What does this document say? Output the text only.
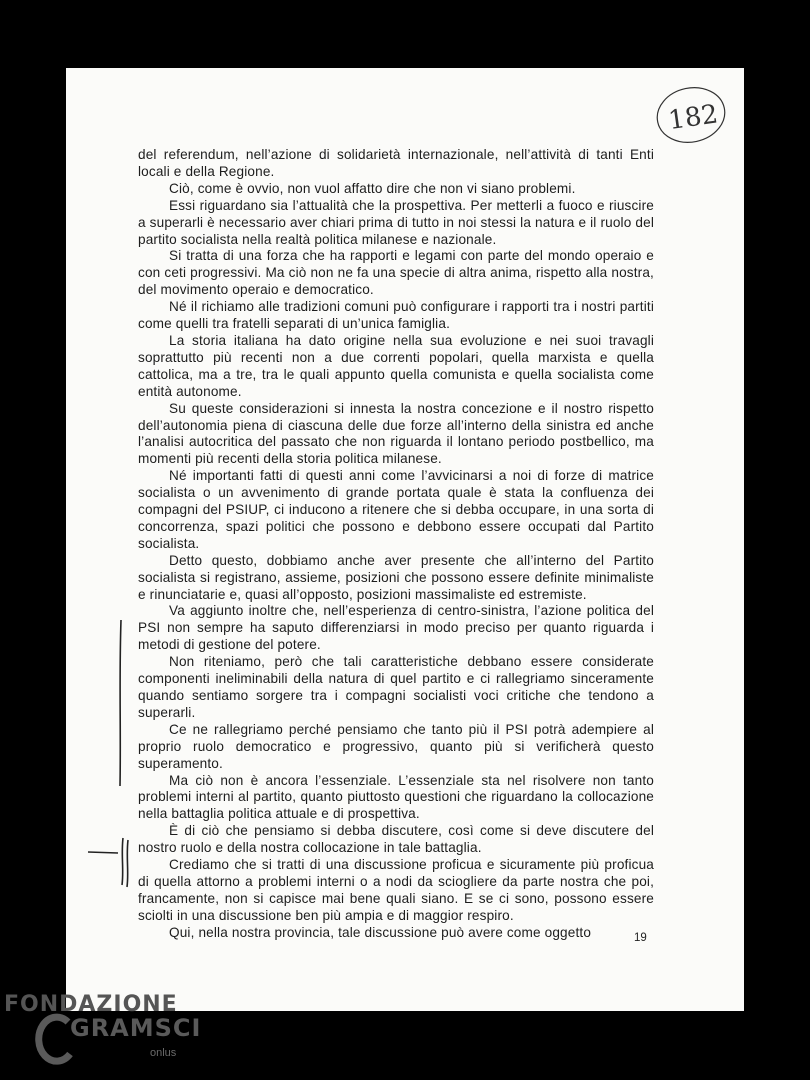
182

del referendum, nell’azione di solidarietà internazionale, nell’attività di tanti Enti locali e della Regione.

Ciò, come è ovvio, non vuol affatto dire che non vi siano problemi.

Essi riguardano sia l’attualità che la prospettiva. Per metterli a fuoco e riuscire a superarli è necessario aver chiari prima di tutto in noi stessi la natura e il ruolo del partito socialista nella realtà politica milanese e nazionale.

Si tratta di una forza che ha rapporti e legami con parte del mondo operaio e con ceti progressivi. Ma ciò non ne fa una specie di altra anima, rispetto alla nostra, del movimento operaio e democratico.

Né il richiamo alle tradizioni comuni può configurare i rapporti tra i nostri partiti come quelli tra fratelli separati di un’unica famiglia.

La storia italiana ha dato origine nella sua evoluzione e nei suoi travagli soprattutto più recenti non a due correnti popolari, quella marxista e quella cattolica, ma a tre, tra le quali appunto quella comunista e quella socialista come entità autonome.

Su queste considerazioni si innesta la nostra concezione e il nostro rispetto dell’autonomia piena di ciascuna delle due forze all’interno della sinistra ed anche l’analisi autocritica del passato che non riguarda il lontano periodo postbellico, ma momenti più recenti della storia politica milanese.

Né importanti fatti di questi anni come l’avvicinarsi a noi di forze di matrice socialista o un avvenimento di grande portata quale è stata la confluenza dei compagni del PSIUP, ci inducono a ritenere che si debba occupare, in una sorta di concorrenza, spazi politici che possono e debbono essere occupati dal Partito socialista.

Detto questo, dobbiamo anche aver presente che all’interno del Partito socialista si registrano, assieme, posizioni che possono essere definite minimaliste e rinunciatarie e, quasi all’opposto, posizioni massimaliste ed estremiste.

Va aggiunto inoltre che, nell’esperienza di centro-sinistra, l’azione politica del PSI non sempre ha saputo differenziarsi in modo preciso per quanto riguarda i metodi di gestione del potere.

Non riteniamo, però che tali caratteristiche debbano essere considerate componenti ineliminabili della natura di quel partito e ci rallegriamo sinceramente quando sentiamo sorgere tra i compagni socialisti voci critiche che tendono a superarli.

Ce ne rallegriamo perché pensiamo che tanto più il PSI potrà adempiere al proprio ruolo democratico e progressivo, quanto più si verificherà questo superamento.

Ma ciò non è ancora l’essenziale. L’essenziale sta nel risolvere non tanto problemi interni al partito, quanto piuttosto questioni che riguardano la collocazione nella battaglia politica attuale e di prospettiva.

È di ciò che pensiamo si debba discutere, così come si deve discutere del nostro ruolo e della nostra collocazione in tale battaglia.

Crediamo che si tratti di una discussione proficua e sicuramente più proficua di quella attorno a problemi interni o a nodi da sciogliere da parte nostra che poi, francamente, non si capisce mai bene quali siano. E se ci sono, possono essere sciolti in una discussione ben più ampia e di maggior respiro.

Qui, nella nostra provincia, tale discussione può avere come oggetto	19
FONDAZIONE
GRAMSCI
onlus
